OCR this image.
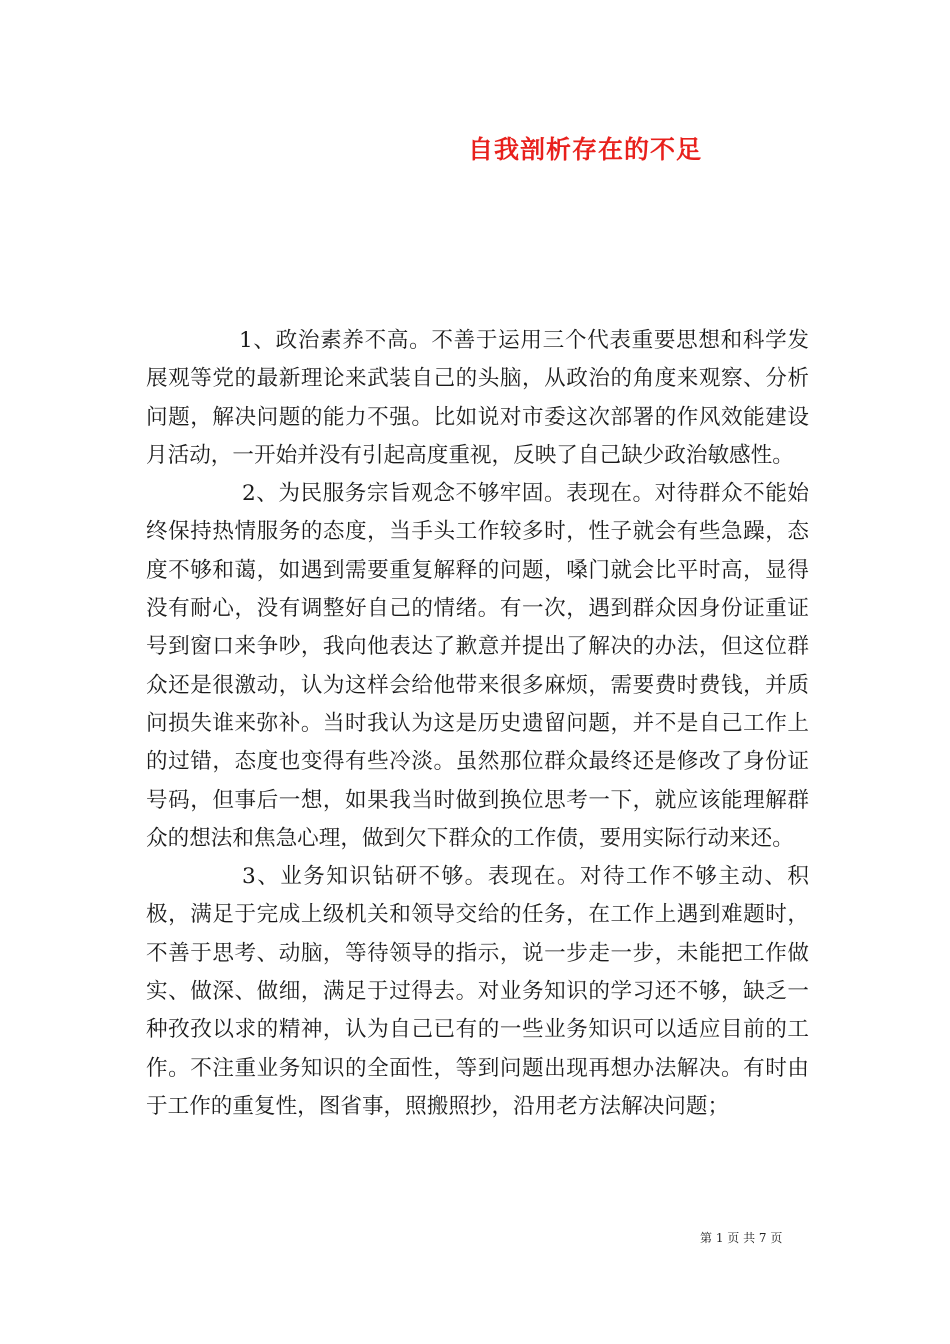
自我剖析存在的不足

1、政治素养不高。不善于运用三个代表重要思想和科学发展观等党的最新理论来武装自己的头脑，从政治的角度来观察、分析问题，解决问题的能力不强。比如说对市委这次部署的作风效能建设月活动，一开始并没有引起高度重视，反映了自己缺少政治敏感性。

2、为民服务宗旨观念不够牢固。表现在。对待群众不能始终保持热情服务的态度，当手头工作较多时，性子就会有些急躁，态度不够和蔼，如遇到需要重复解释的问题，嗓门就会比平时高，显得没有耐心，没有调整好自己的情绪。有一次，遇到群众因身份证重证号到窗口来争吵，我向他表达了歉意并提出了解决的办法，但这位群众还是很激动，认为这样会给他带来很多麻烦，需要费时费钱，并质问损失谁来弥补。当时我认为这是历史遗留问题，并不是自己工作上的过错，态度也变得有些冷淡。虽然那位群众最终还是修改了身份证号码，但事后一想，如果我当时做到换位思考一下，就应该能理解群众的想法和焦急心理，做到欠下群众的工作债，要用实际行动来还。

3、业务知识钻研不够。表现在。对待工作不够主动、积极，满足于完成上级机关和领导交给的任务，在工作上遇到难题时，不善于思考、动脑，等待领导的指示，说一步走一步，未能把工作做实、做深、做细，满足于过得去。对业务知识的学习还不够，缺乏一种孜孜以求的精神，认为自己已有的一些业务知识可以适应目前的工作。不注重业务知识的全面性，等到问题出现再想办法解决。有时由于工作的重复性，图省事，照搬照抄，沿用老方法解决问题；

第 1 页 共 7 页
